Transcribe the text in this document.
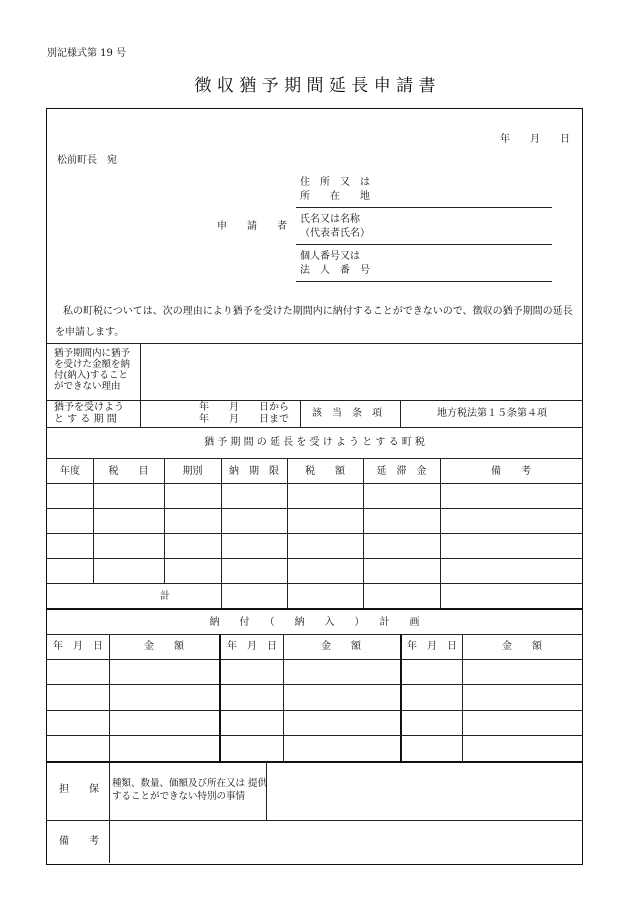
別記様式第 19 号
徴 収 猶 予 期 間 延 長 申 請 書
年　　月　　日
松前町長　宛
申　　請　　者
住　所　又　は
所　　在　　地
氏名又は名称
（代表者氏名）
個人番号又は
法　人　番　号
私の町税については、次の理由により猶予を受けた期間内に納付することができないので、徴収の猶予期間の延長
を申請します。
猶予期間内に猶予
を受けた金額を納
付(納入)すること
ができない理由
猶予を受けよう
と す る 期 間
年　　月　　日から
年　　月　　日まで
該　当　条　項	地方税法第１５条第４項
猶 予 期 間 の 延 長 を 受 け よ う と す る 町 税
年度	税　　目	期別	納　期　限	税　　額	延　滞　金	備　　考
計
納　　付　　（　　納　　入　　）　　計　　画
年　月　日	金　　額	年　月　日	金　　額	年　月　日	金　　額
担　　保
種類、数量、価額及び所在又は 提供
することができない特別の事情
備　　考
